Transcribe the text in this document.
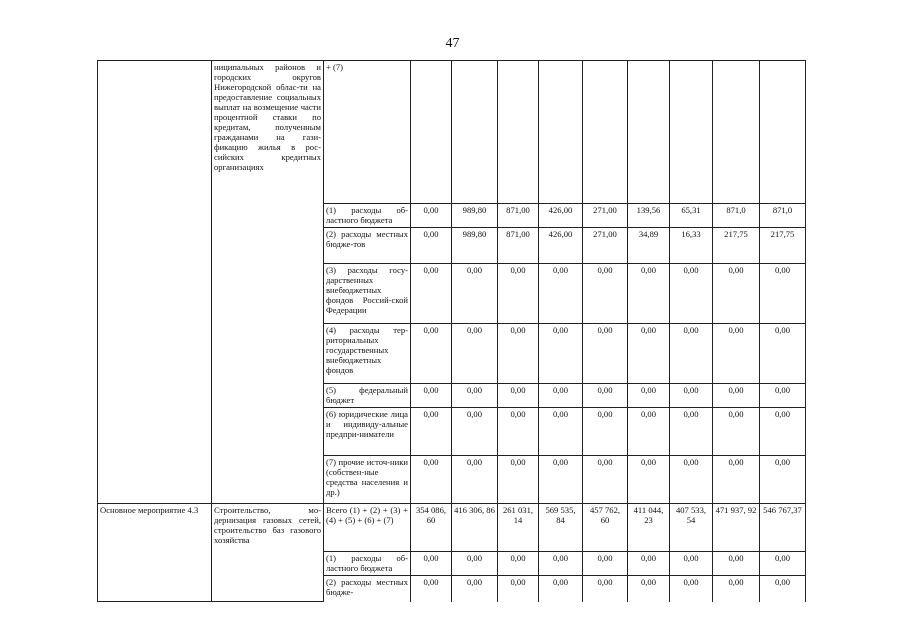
47
	ниципальных районов и городских округов Нижегородской облас-ти на предоставление социальных выплат на возмещение части процентной ставки по кредитам, полученным гражданами на гази-фикацию жилья в рос-сийских кредитных организациях	+ (7)									
		(1) расходы об-ластного бюджета	0,00	989,80	871,00	426,00	271,00	139,56	65,31	871,0	871,0
		(2) расходы местных бюдже-тов	0,00	989,80	871,00	426,00	271,00	34,89	16,33	217,75	217,75
		(3) расходы госу-дарственных внебюджетных фондов Россий-ской Федерации	0,00	0,00	0,00	0,00	0,00	0,00	0,00	0,00	0,00
		(4) расходы тер-риториальных государственных внебюджетных фондов	0,00	0,00	0,00	0,00	0,00	0,00	0,00	0,00	0,00
		(5) федеральный бюджет	0,00	0,00	0,00	0,00	0,00	0,00	0,00	0,00	0,00
		(6) юридические лица и индивиду-альные предпри-ниматели	0,00	0,00	0,00	0,00	0,00	0,00	0,00	0,00	0,00
		(7) прочие источ-ники (собствен-ные средства населения и др.)	0,00	0,00	0,00	0,00	0,00	0,00	0,00	0,00	0,00
Основное мероприятие 4.3	Строительство, мо-дернизация газовых сетей, строительство баз газового хозяйства	Всего (1) + (2) + (3) + (4) + (5) + (6) + (7)	354 086, 60	416 306, 86	261 031, 14	569 535, 84	457 762, 60	411 044, 23	407 533, 54	471 937, 92	546 767,37
		(1) расходы об-ластного бюджета	0,00	0,00	0,00	0,00	0,00	0,00	0,00	0,00	0,00
		(2) расходы местных бюдже-	0,00	0,00	0,00	0,00	0,00	0,00	0,00	0,00	0,00
